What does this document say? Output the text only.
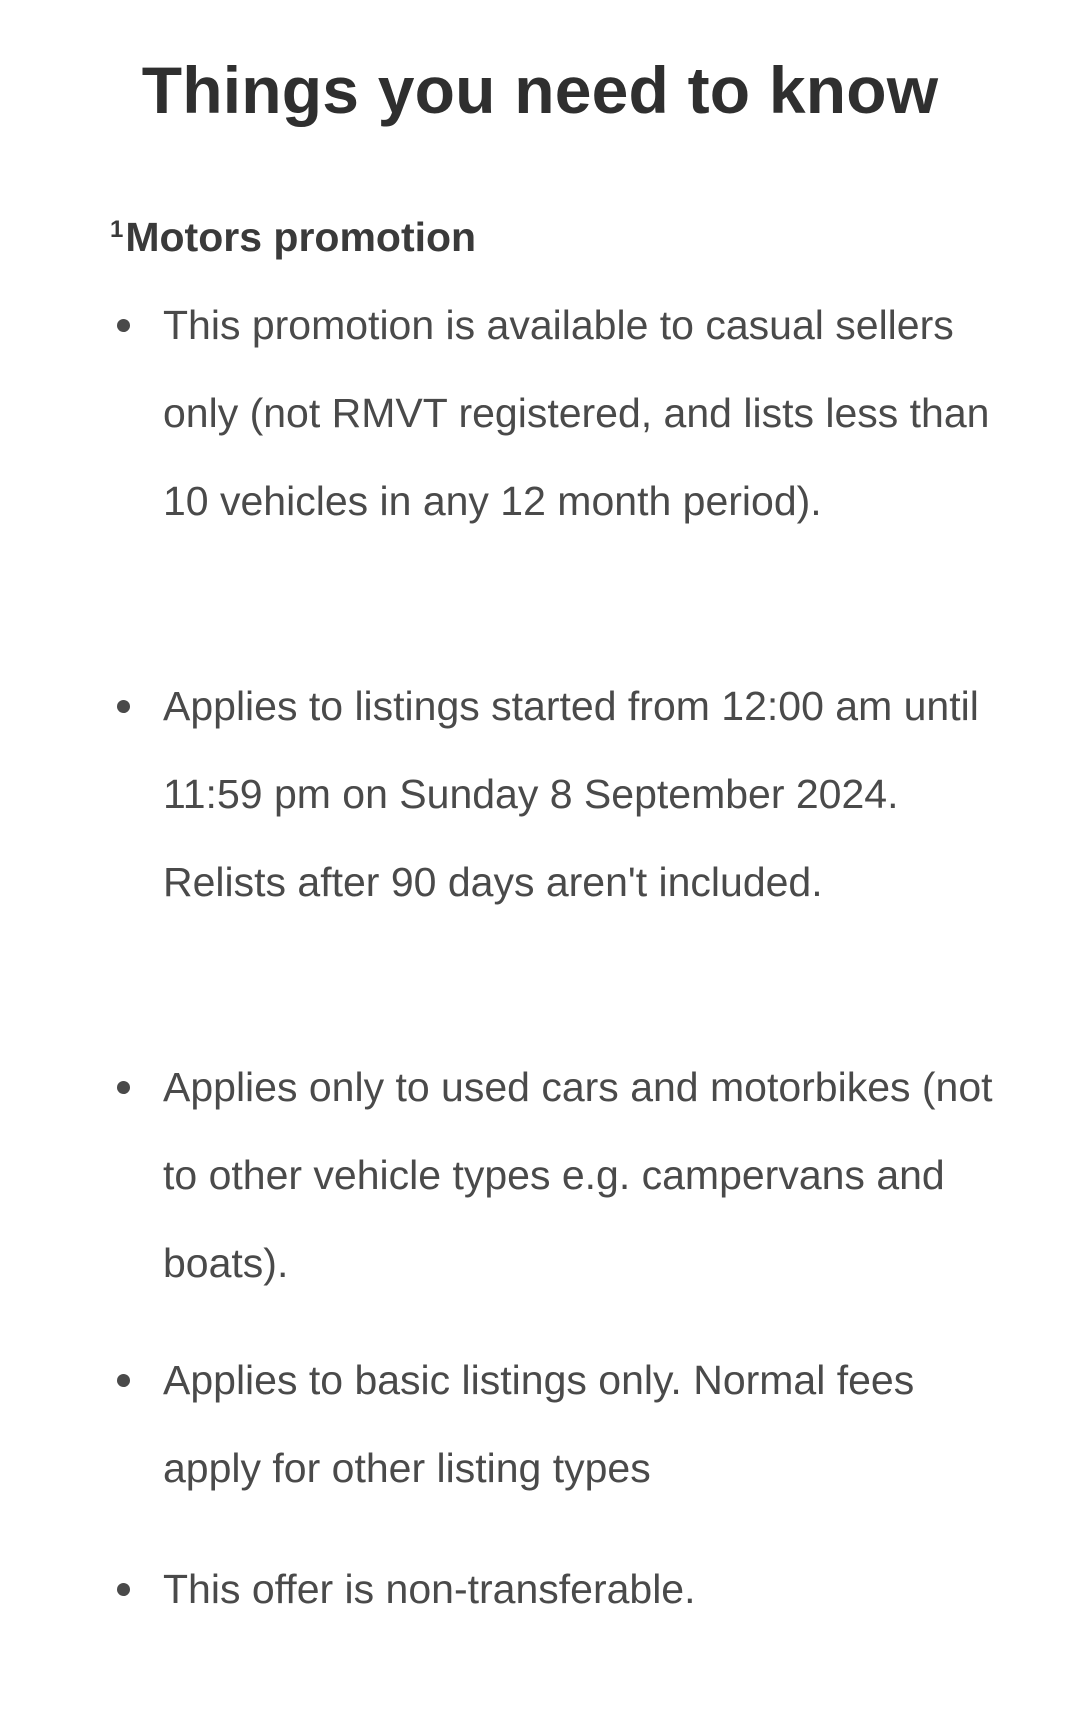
Things you need to know
$^1$Motors promotion
This promotion is available to casual sellers only (not RMVT registered, and lists less than 10 vehicles in any 12 month period).
Applies to listings started from 12:00 am until 11:59 pm on Sunday 8 September 2024. Relists after 90 days aren't included.
Applies only to used cars and motorbikes (not to other vehicle types e.g. campervans and boats).
Applies to basic listings only. Normal fees apply for other listing types
This offer is non-transferable.
